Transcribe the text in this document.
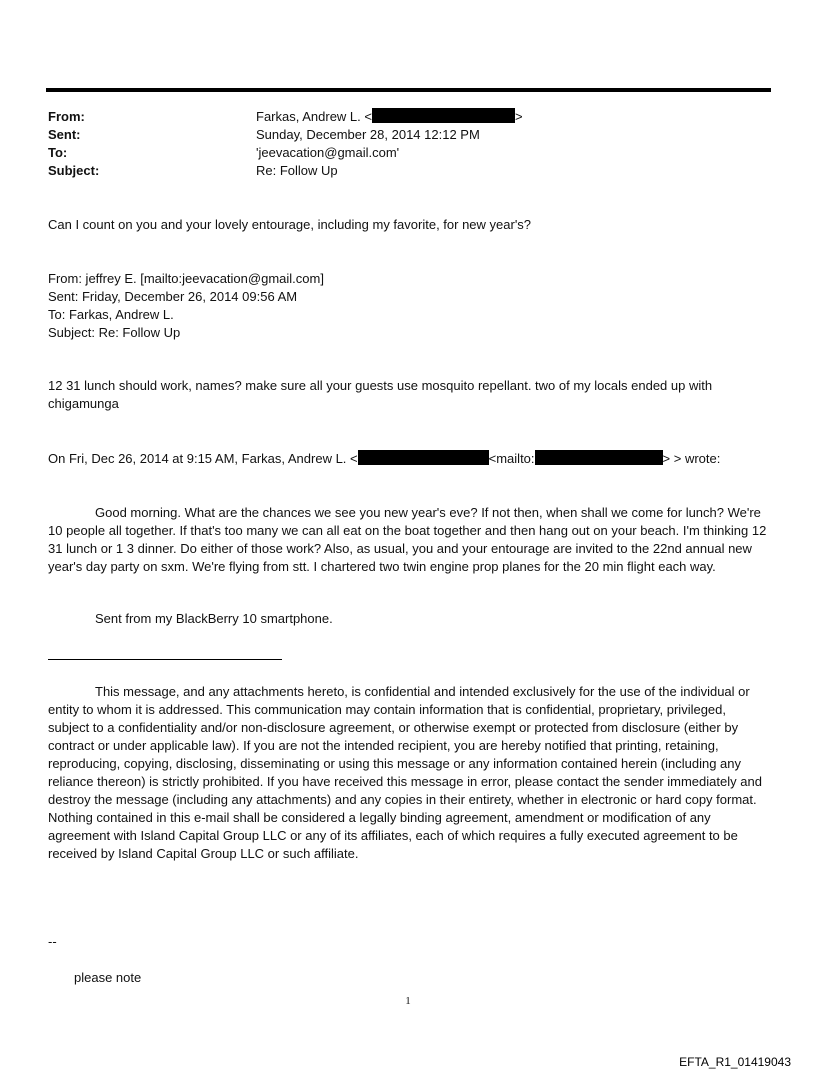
From:	Farkas, Andrew L. <	>
Sent:	Sunday, December 28, 2014 12:12 PM
To:	'jeevacation@gmail.com'
Subject:	Re: Follow Up
Can I count on you and your lovely entourage, including my favorite, for new year's?
From: jeffrey E. [mailto:jeevacation@gmail.com]
Sent: Friday, December 26, 2014 09:56 AM
To: Farkas, Andrew L.
Subject: Re: Follow Up
12 31 lunch should work, names? make sure all your guests use mosquito repellant. two of my locals ended up with chigamunga
On Fri, Dec 26, 2014 at 9:15 AM, Farkas, Andrew L. <	<mailto:	> > wrote:
Good morning. What are the chances we see you new year's eve? If not then, when shall we come for lunch? We're 10 people all together. If that's too many we can all eat on the boat together and then hang out on your beach. I'm thinking 12 31 lunch or 1 3 dinner. Do either of those work? Also, as usual, you and your entourage are invited to the 22nd annual new year's day party on sxm. We're flying from stt. I chartered two twin engine prop planes for the 20 min flight each way.
Sent from my BlackBerry 10 smartphone.
This message, and any attachments hereto, is confidential and intended exclusively for the use of the individual or entity to whom it is addressed. This communication may contain information that is confidential, proprietary, privileged, subject to a confidentiality and/or non-disclosure agreement, or otherwise exempt or protected from disclosure (either by contract or under applicable law). If you are not the intended recipient, you are hereby notified that printing, retaining, reproducing, copying, disclosing, disseminating or using this message or any information contained herein (including any reliance thereon) is strictly prohibited. If you have received this message in error, please contact the sender immediately and destroy the message (including any attachments) and any copies in their entirety, whether in electronic or hard copy format. Nothing contained in this e-mail shall be considered a legally binding agreement, amendment or modification of any agreement with Island Capital Group LLC or any of its affiliates, each of which requires a fully executed agreement to be received by Island Capital Group LLC or such affiliate.
--
please note
1
EFTA_R1_01419043
